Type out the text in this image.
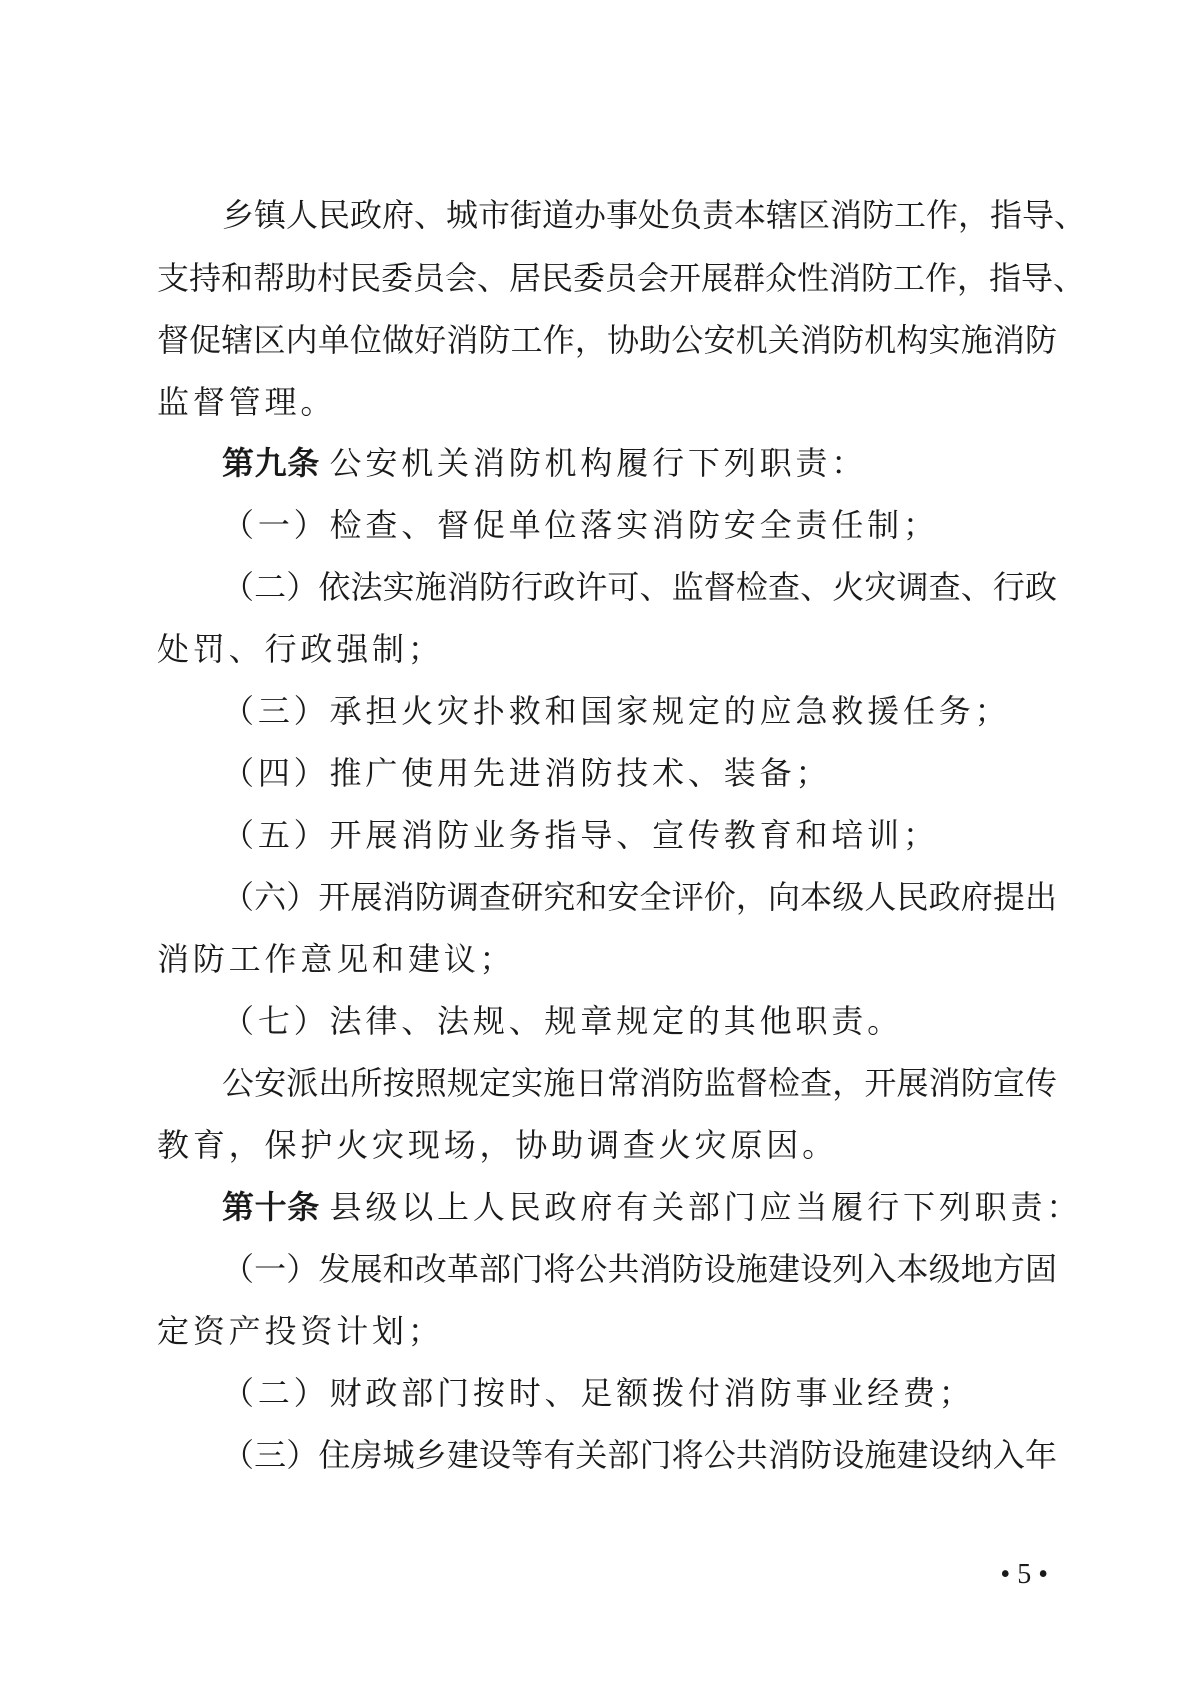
乡镇人民政府、城市街道办事处负责本辖区消防工作，指导、
支持和帮助村民委员会、居民委员会开展群众性消防工作，指导、
督促辖区内单位做好消防工作，协助公安机关消防机构实施消防
监督管理。
第九条 公安机关消防机构履行下列职责：
（一）检查、督促单位落实消防安全责任制；
（二）依法实施消防行政许可、监督检查、火灾调查、行政
处罚、行政强制；
（三）承担火灾扑救和国家规定的应急救援任务；
（四）推广使用先进消防技术、装备；
（五）开展消防业务指导、宣传教育和培训；
（六）开展消防调查研究和安全评价，向本级人民政府提出
消防工作意见和建议；
（七）法律、法规、规章规定的其他职责。
公安派出所按照规定实施日常消防监督检查，开展消防宣传
教育，保护火灾现场，协助调查火灾原因。
第十条 县级以上人民政府有关部门应当履行下列职责：
（一）发展和改革部门将公共消防设施建设列入本级地方固
定资产投资计划；
（二）财政部门按时、足额拨付消防事业经费；
（三）住房城乡建设等有关部门将公共消防设施建设纳入年
• 5 •
